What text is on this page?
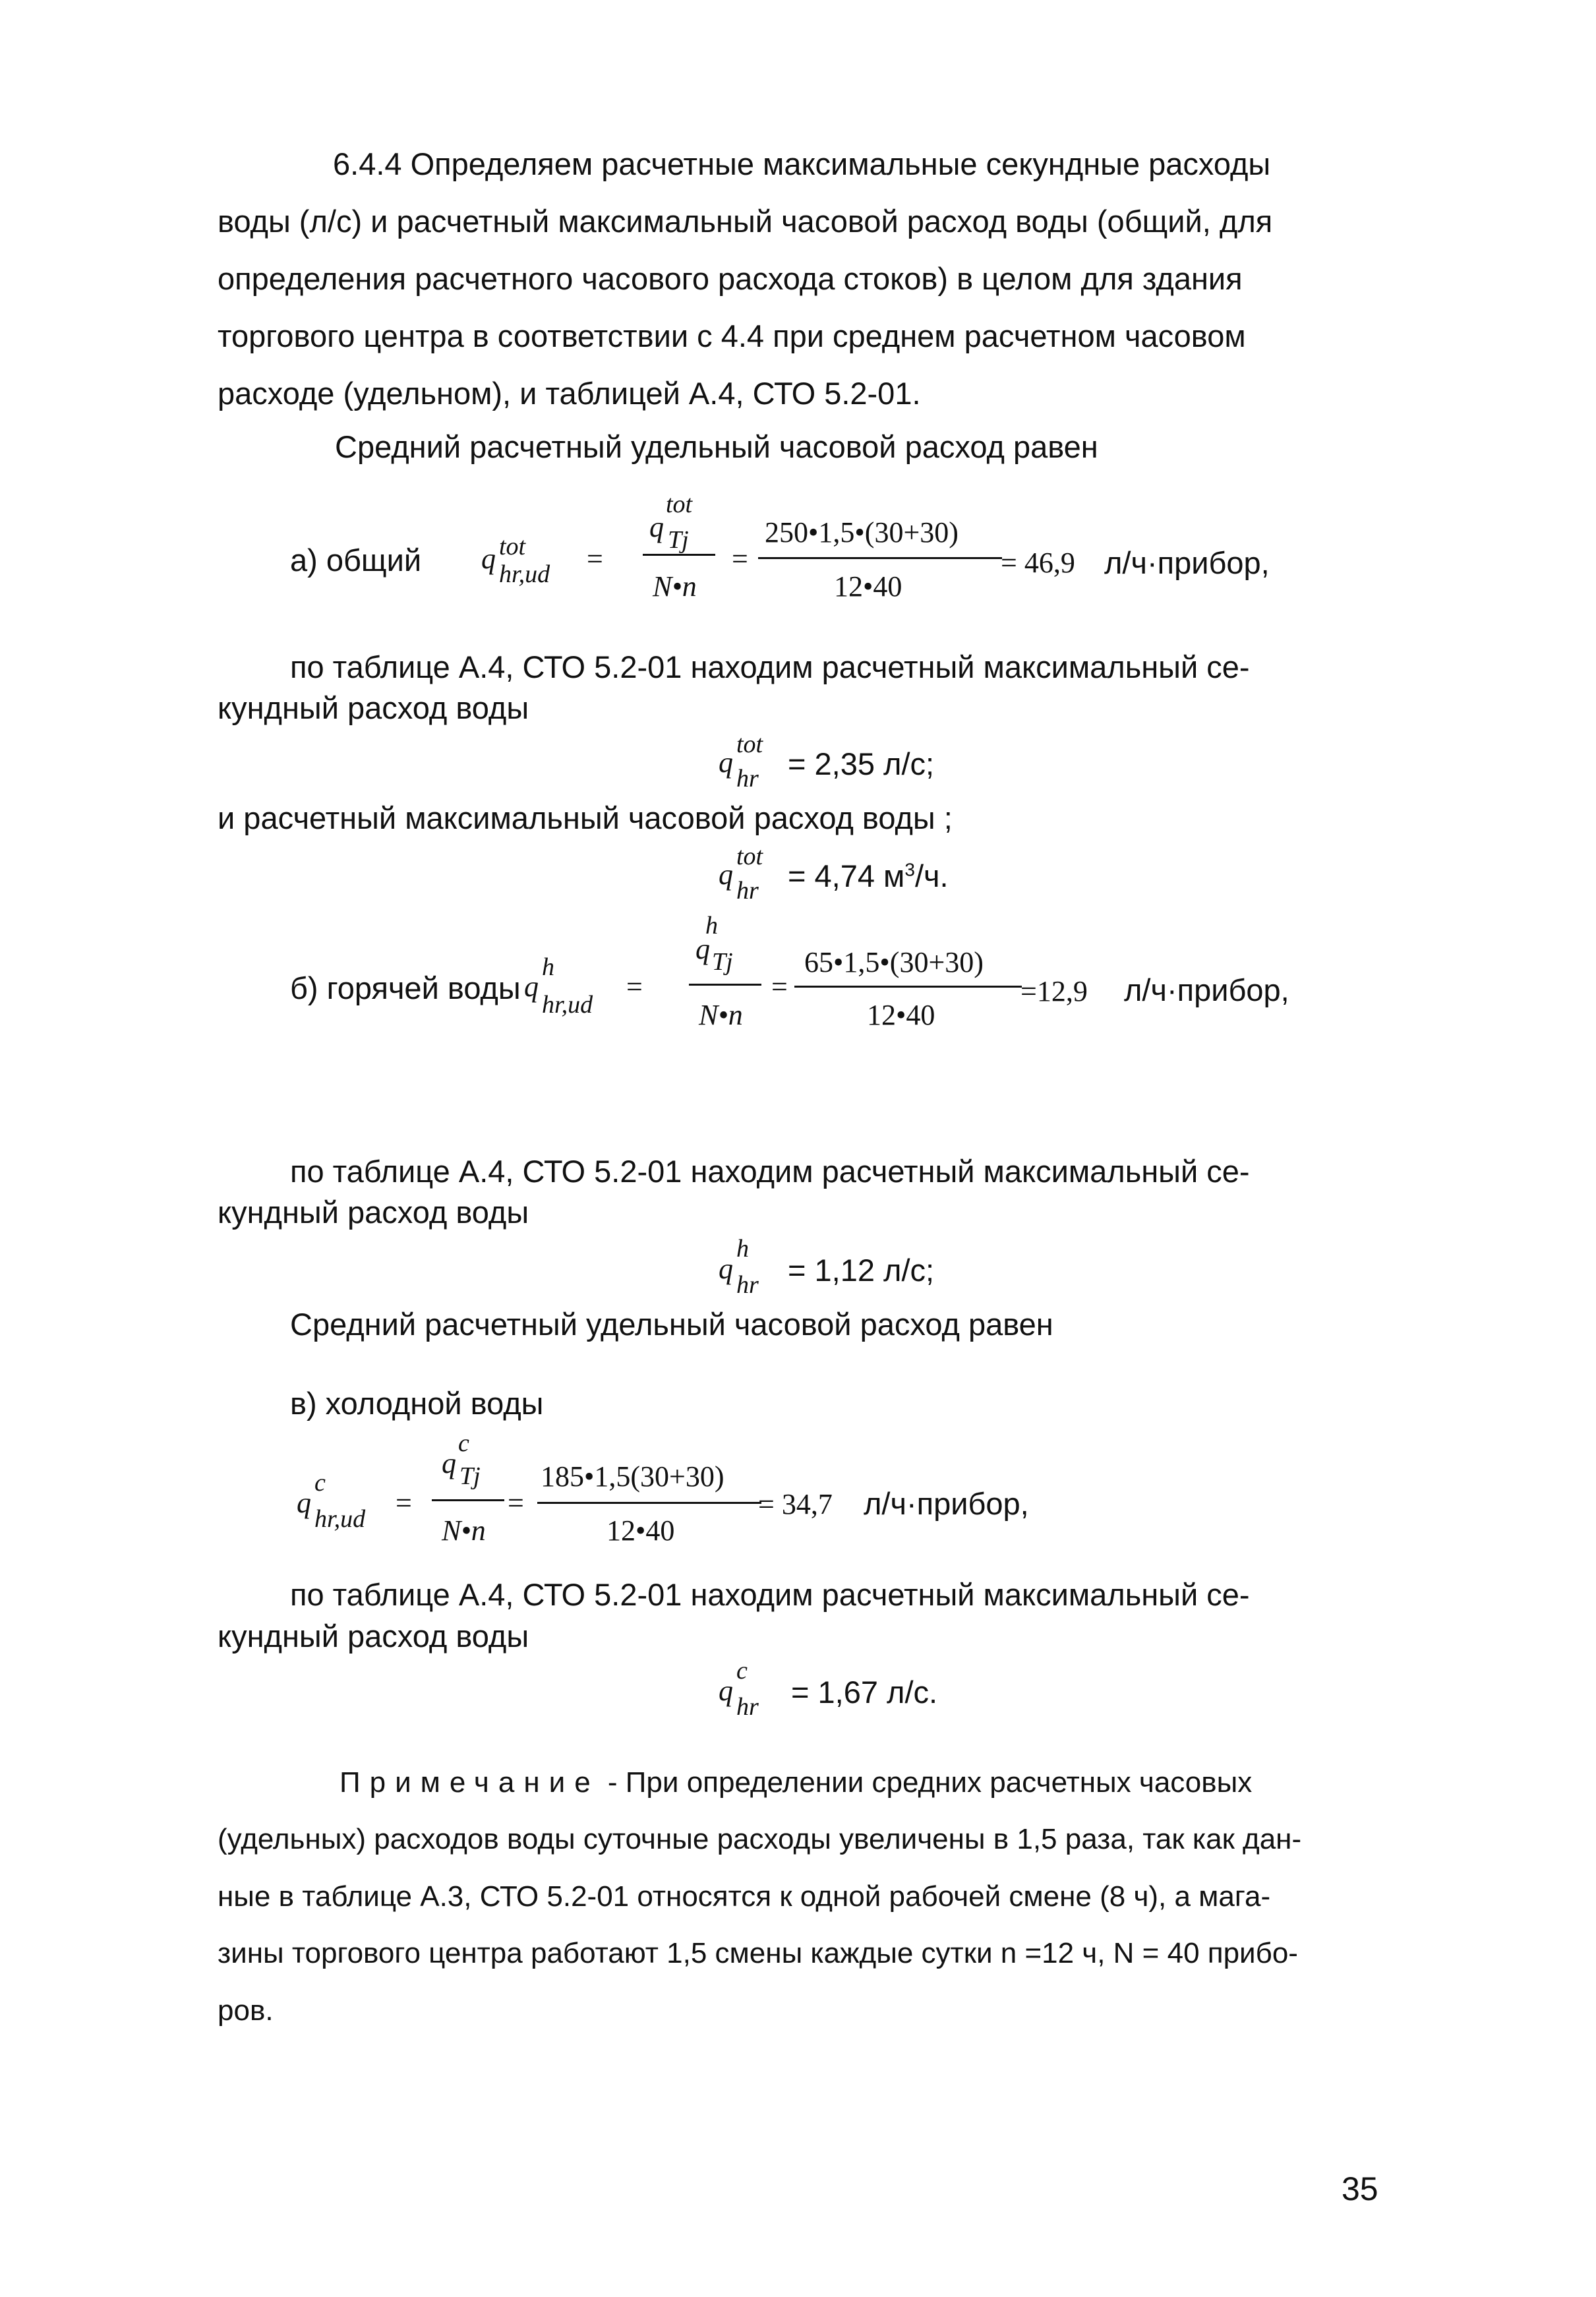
6.4.4 Определяем расчетные максимальные секундные расходы
воды (л/с) и расчетный максимальный часовой расход воды (общий, для
определения расчетного часового расхода стоков) в целом для здания
торгового центра в соответствии с 4.4 при среднем расчетном часовом
расходе (удельном), и таблицей А.4, СТО 5.2-01.
Средний расчетный удельный часовой расход равен
а) общий q tot
hr,ud =
tot
q Tj
N•n
=
250•1,5•(30+30)
12•40
= 46,9 л/ч·прибор,
по таблице А.4, СТО 5.2-01 находим расчетный максимальный се-
кундный расход воды
q
tot
hr = 2,35 л/с;
и расчетный максимальный часовой расход воды ;
q
tot
hr = 4,74 $м^3/ч$.
б) горячей воды q
h
hr,ud
=
h
q Tj
N•n
=
65•1,5•(30+30)
12•40
=12,9 л/ч·прибор,
по таблице А.4, СТО 5.2-01 находим расчетный максимальный се-
кундный расход воды
q
h
hr = 1,12 л/с;
Средний расчетный удельный часовой расход равен
в) холодной воды
q
c
hr,ud =
c
q Tj
N•n
=
185•1,5(30+30)
12•40
= 34,7 л/ч·прибор,
по таблице А.4, СТО 5.2-01 находим расчетный максимальный се-
кундный расход воды
q
c
hr = 1,67 л/с.
Примечание - При определении средних расчетных часовых
(удельных) расходов воды суточные расходы увеличены в 1,5 раза, так как дан-
ные в таблице А.3, СТО 5.2-01 относятся к одной рабочей смене (8 ч), а мага-
зины торгового центра работают 1,5 смены каждые сутки n =12 ч, N = 40 прибо-
ров.
35
